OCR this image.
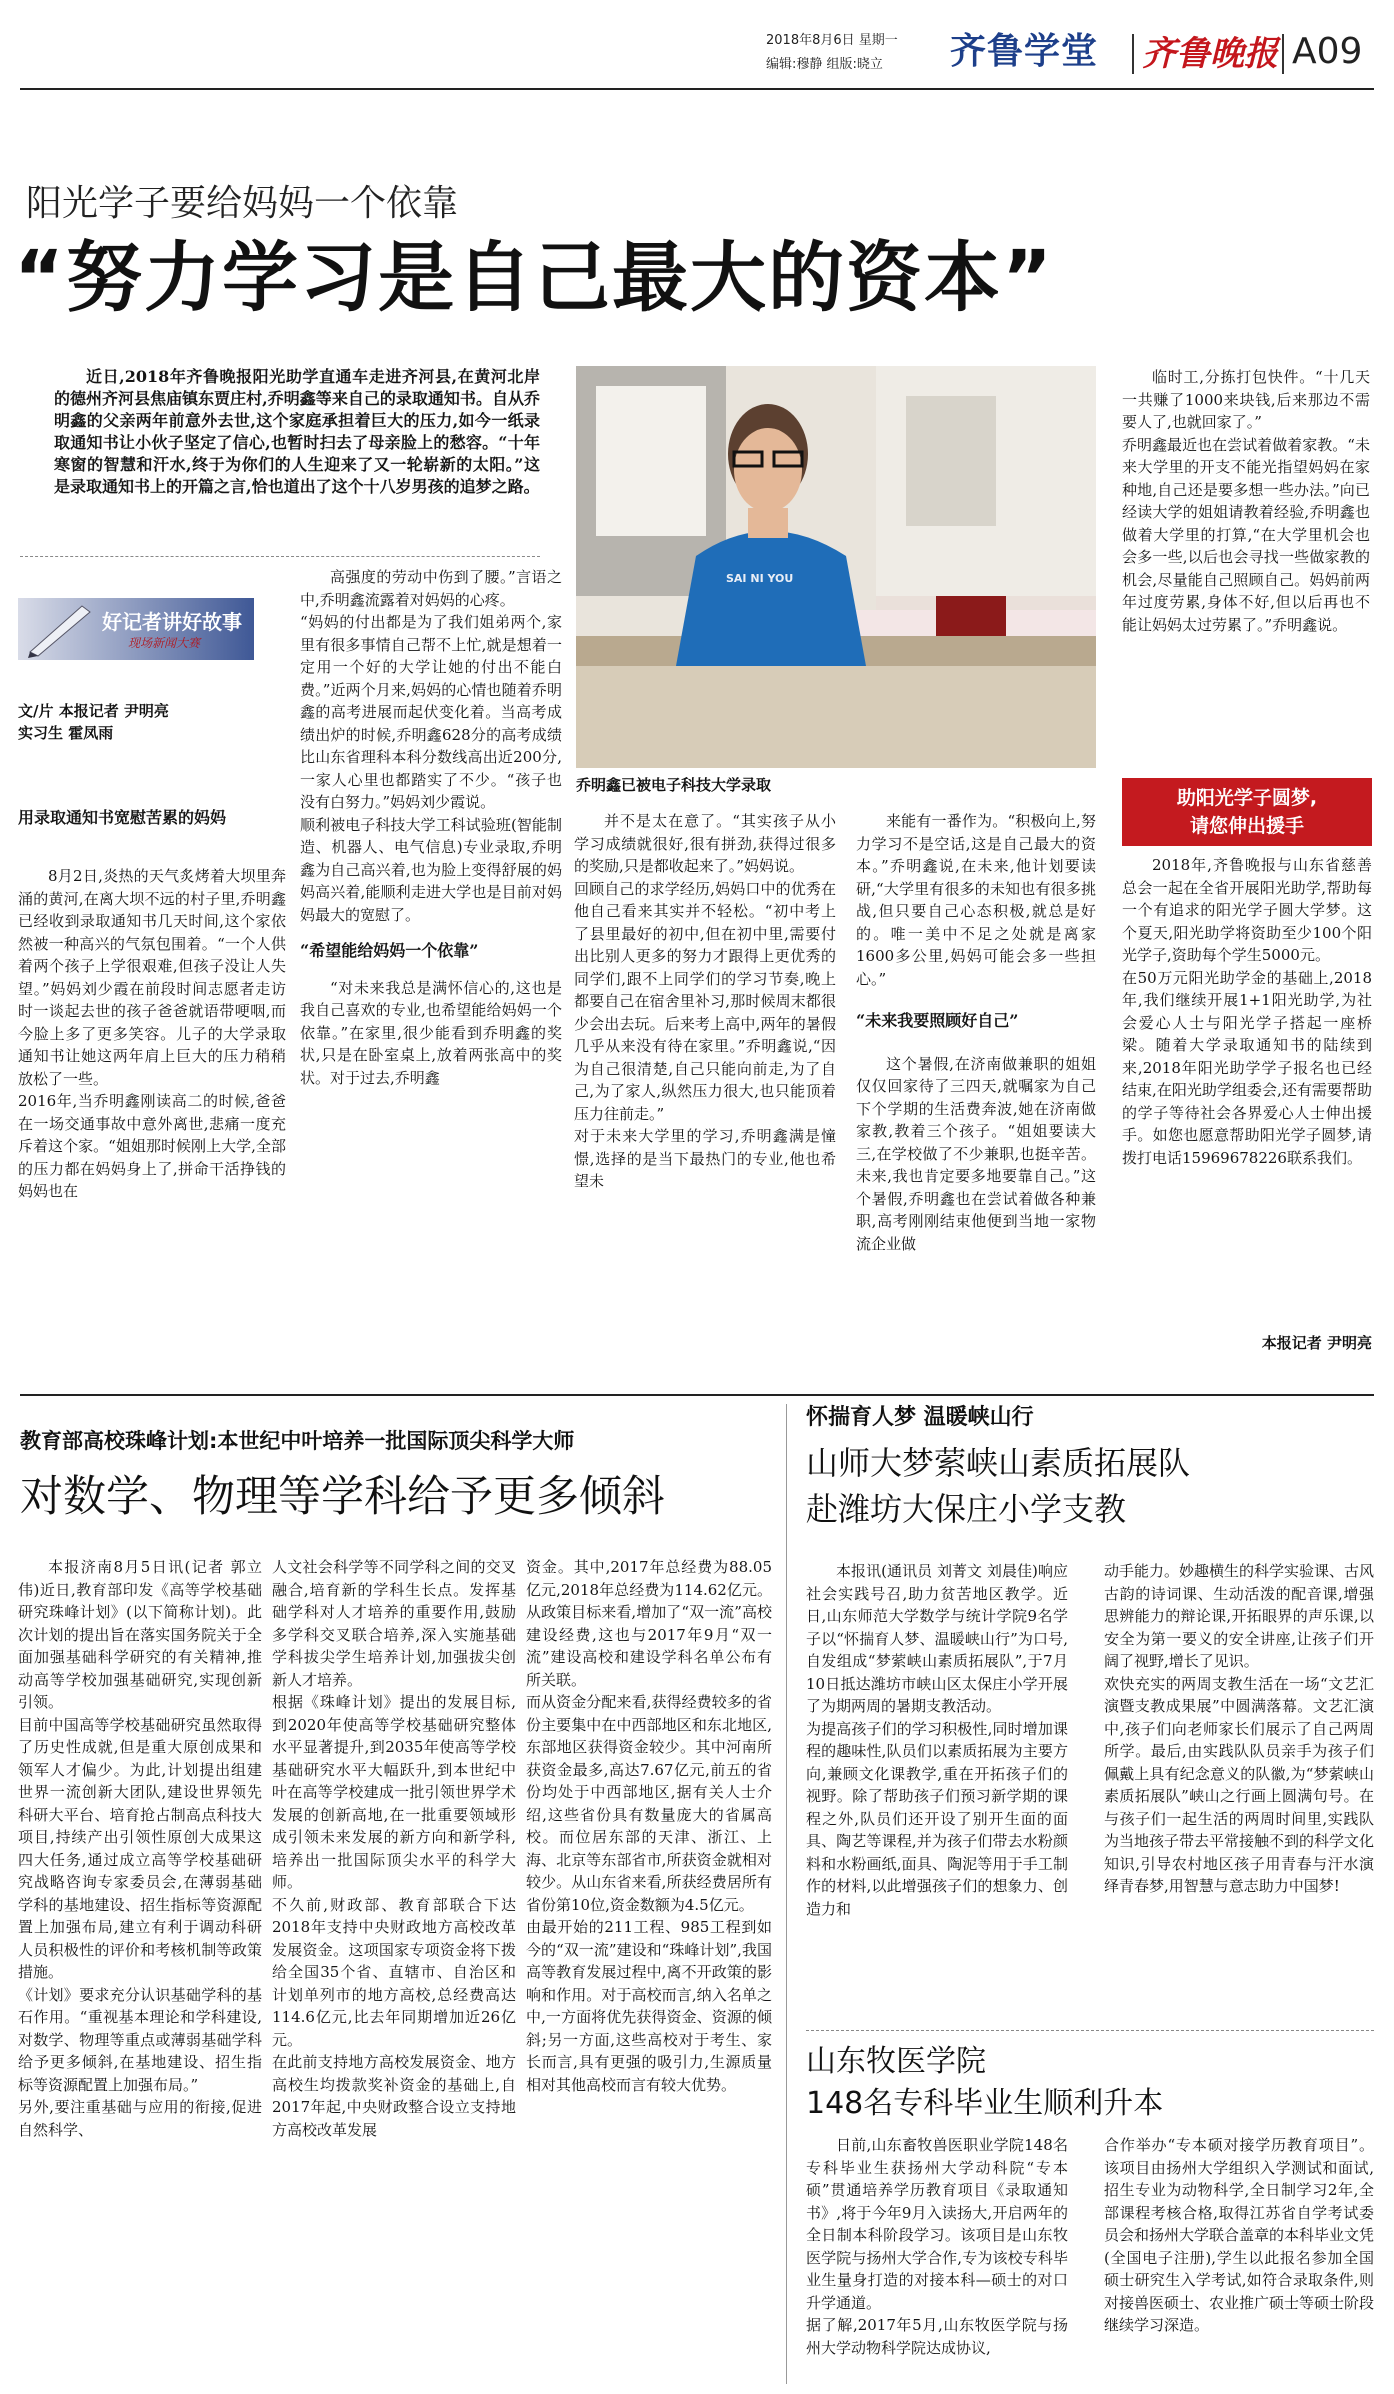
2018年8月6日 星期一
编辑:穆静 组版:晓立	齐鲁学堂 齐鲁晚报 A09
阳光学子要给妈妈一个依靠
“努力学习是自己最大的资本”

近日,2018年齐鲁晚报阳光助学直通车走进齐河县,在黄河北岸的德州齐河县焦庙镇东贾庄村,乔明鑫等来自己的录取通知书。自从乔明鑫的父亲两年前意外去世,这个家庭承担着巨大的压力,如今一纸录取通知书让小伙子坚定了信心,也暂时扫去了母亲脸上的愁容。“十年寒窗的智慧和汗水,终于为你们的人生迎来了又一轮崭新的太阳。”这是录取通知书上的开篇之言,恰也道出了这个十八岁男孩的追梦之路。

好记者讲好故事
现场新闻大赛
文/片 本报记者 尹明亮
实习生 霍凤雨
用录取通知书宽慰苦累的妈妈

8月2日,炎热的天气炙烤着大坝里奔涌的黄河,在离大坝不远的村子里,乔明鑫已经收到录取通知书几天时间,这个家依然被一种高兴的气氛包围着。“一个人供着两个孩子上学很艰难,但孩子没让人失望。”妈妈刘少霞在前段时间志愿者走访时一谈起去世的孩子爸爸就语带哽咽,而今脸上多了更多笑容。儿子的大学录取通知书让她这两年肩上巨大的压力稍稍放松了一些。
2016年,当乔明鑫刚读高二的时候,爸爸在一场交通事故中意外离世,悲痛一度充斥着这个家。“姐姐那时候刚上大学,全部的压力都在妈妈身上了,拼命干活挣钱的妈妈也在

高强度的劳动中伤到了腰。”言语之中,乔明鑫流露着对妈妈的心疼。
“妈妈的付出都是为了我们姐弟两个,家里有很多事情自己帮不上忙,就是想着一定用一个好的大学让她的付出不能白费。”近两个月来,妈妈的心情也随着乔明鑫的高考进展而起伏变化着。当高考成绩出炉的时候,乔明鑫628分的高考成绩比山东省理科本科分数线高出近200分,一家人心里也都踏实了不少。“孩子也没有白努力。”妈妈刘少霞说。
顺利被电子科技大学工科试验班(智能制造、机器人、电气信息)专业录取,乔明鑫为自己高兴着,也为脸上变得舒展的妈妈高兴着,能顺利走进大学也是目前对妈妈最大的宽慰了。

“希望能给妈妈一个依靠”

“对未来我总是满怀信心的,这也是我自己喜欢的专业,也希望能给妈妈一个依靠。”在家里,很少能看到乔明鑫的奖状,只是在卧室桌上,放着两张高中的奖状。对于过去,乔明鑫

SAI NI YOU
乔明鑫已被电子科技大学录取

并不是太在意了。“其实孩子从小学习成绩就很好,很有拼劲,获得过很多的奖励,只是都收起来了。”妈妈说。
回顾自己的求学经历,妈妈口中的优秀在他自己看来其实并不轻松。“初中考上了县里最好的初中,但在初中里,需要付出比别人更多的努力才跟得上更优秀的同学们,跟不上同学们的学习节奏,晚上都要自己在宿舍里补习,那时候周末都很少会出去玩。后来考上高中,两年的暑假几乎从来没有待在家里。”乔明鑫说,“因为自己很清楚,自己只能向前走,为了自己,为了家人,纵然压力很大,也只能顶着压力往前走。”
对于未来大学里的学习,乔明鑫满是憧憬,选择的是当下最热门的专业,他也希望未

来能有一番作为。“积极向上,努力学习不是空话,这是自己最大的资本。”乔明鑫说,在未来,他计划要读研,“大学里有很多的未知也有很多挑战,但只要自己心态积极,就总是好的。唯一美中不足之处就是离家1600多公里,妈妈可能会多一些担心。”

“未来我要照顾好自己”

这个暑假,在济南做兼职的姐姐仅仅回家待了三四天,就嘱家为自己下个学期的生活费奔波,她在济南做家教,教着三个孩子。“姐姐要读大三,在学校做了不少兼职,也挺辛苦。未来,我也肯定要多地要靠自己。”这个暑假,乔明鑫也在尝试着做各种兼职,高考刚刚结束他便到当地一家物流企业做

临时工,分拣打包快件。“十几天一共赚了1000来块钱,后来那边不需要人了,也就回家了。”
乔明鑫最近也在尝试着做着家教。“未来大学里的开支不能光指望妈妈在家种地,自己还是要多想一些办法。”向已经读大学的姐姐请教着经验,乔明鑫也做着大学里的打算,“在大学里机会也会多一些,以后也会寻找一些做家教的机会,尽量能自己照顾自己。妈妈前两年过度劳累,身体不好,但以后再也不能让妈妈太过劳累了。”乔明鑫说。

助阳光学子圆梦,
请您伸出援手

2018年,齐鲁晚报与山东省慈善总会一起在全省开展阳光助学,帮助每一个有追求的阳光学子圆大学梦。这个夏天,阳光助学将资助至少100个阳光学子,资助每个学生5000元。
在50万元阳光助学金的基础上,2018年,我们继续开展1+1阳光助学,为社会爱心人士与阳光学子搭起一座桥梁。随着大学录取通知书的陆续到来,2018年阳光助学学子报名也已经结束,在阳光助学组委会,还有需要帮助的学子等待社会各界爱心人士伸出援手。如您也愿意帮助阳光学子圆梦,请拨打电话15969678226联系我们。

本报记者 尹明亮
教育部高校珠峰计划:本世纪中叶培养一批国际顶尖科学大师
对数学、物理等学科给予更多倾斜

本报济南8月5日讯(记者 郭立伟)近日,教育部印发《高等学校基础研究珠峰计划》(以下简称计划)。此次计划的提出旨在落实国务院关于全面加强基础科学研究的有关精神,推动高等学校加强基础研究,实现创新引领。
目前中国高等学校基础研究虽然取得了历史性成就,但是重大原创成果和领军人才偏少。为此,计划提出组建世界一流创新大团队,建设世界领先科研大平台、培育抢占制高点科技大项目,持续产出引领性原创大成果这四大任务,通过成立高等学校基础研究战略咨询专家委员会,在薄弱基础学科的基地建设、招生指标等资源配置上加强布局,建立有利于调动科研人员积极性的评价和考核机制等政策措施。
《计划》要求充分认识基础学科的基石作用。“重视基本理论和学科建设,对数学、物理等重点或薄弱基础学科给予更多倾斜,在基地建设、招生指标等资源配置上加强布局。”
另外,要注重基础与应用的衔接,促进自然科学、

人文社会科学等不同学科之间的交叉融合,培育新的学科生长点。发挥基础学科对人才培养的重要作用,鼓励多学科交叉联合培养,深入实施基础学科拔尖学生培养计划,加强拔尖创新人才培养。
根据《珠峰计划》提出的发展目标,到2020年使高等学校基础研究整体水平显著提升,到2035年使高等学校基础研究水平大幅跃升,到本世纪中叶在高等学校建成一批引领世界学术发展的创新高地,在一批重要领域形成引领未来发展的新方向和新学科,培养出一批国际顶尖水平的科学大师。
不久前,财政部、教育部联合下达2018年支持中央财政地方高校改革发展资金。这项国家专项资金将下拨给全国35个省、直辖市、自治区和计划单列市的地方高校,总经费高达114.6亿元,比去年同期增加近26亿元。
在此前支持地方高校发展资金、地方高校生均拨款奖补资金的基础上,自2017年起,中央财政整合设立支持地方高校改革发展

资金。其中,2017年总经费为88.05亿元,2018年总经费为114.62亿元。从政策目标来看,增加了“双一流”高校建设经费,这也与2017年9月“双一流”建设高校和建设学科名单公布有所关联。
而从资金分配来看,获得经费较多的省份主要集中在中西部地区和东北地区,东部地区获得资金较少。其中河南所获资金最多,高达7.67亿元,前五的省份均处于中西部地区,据有关人士介绍,这些省份具有数量庞大的省属高校。而位居东部的天津、浙江、上海、北京等东部省市,所获资金就相对较少。从山东省来看,所获经费居所有省份第10位,资金数额为4.5亿元。
由最开始的211工程、985工程到如今的“双一流”建设和“珠峰计划”,我国高等教育发展过程中,离不开政策的影响和作用。对于高校而言,纳入名单之中,一方面将优先获得资金、资源的倾斜;另一方面,这些高校对于考生、家长而言,具有更强的吸引力,生源质量相对其他高校而言有较大优势。

怀揣育人梦 温暖峡山行
山师大梦萦峡山素质拓展队
赴潍坊大保庄小学支教

本报讯(通讯员 刘菁文 刘晨佳)响应社会实践号召,助力贫苦地区教学。近日,山东师范大学数学与统计学院9名学子以“怀揣育人梦、温暖峡山行”为口号,自发组成“梦萦峡山素质拓展队”,于7月10日抵达潍坊市峡山区太保庄小学开展了为期两周的暑期支教活动。
为提高孩子们的学习积极性,同时增加课程的趣味性,队员们以素质拓展为主要方向,兼顾文化课教学,重在开拓孩子们的视野。除了帮助孩子们预习新学期的课程之外,队员们还开设了别开生面的面具、陶艺等课程,并为孩子们带去水粉颜料和水粉画纸,面具、陶泥等用于手工制作的材料,以此增强孩子们的想象力、创造力和

动手能力。妙趣横生的科学实验课、古风古韵的诗词课、生动活泼的配音课,增强思辨能力的辩论课,开拓眼界的声乐课,以安全为第一要义的安全讲座,让孩子们开阔了视野,增长了见识。
欢快充实的两周支教生活在一场“文艺汇演暨支教成果展”中圆满落幕。文艺汇演中,孩子们向老师家长们展示了自己两周所学。最后,由实践队队员亲手为孩子们佩戴上具有纪念意义的队徽,为“梦萦峡山素质拓展队”峡山之行画上圆满句号。在与孩子们一起生活的两周时间里,实践队为当地孩子带去平常接触不到的科学文化知识,引导农村地区孩子用青春与汗水演绎青春梦,用智慧与意志助力中国梦!

山东牧医学院
148名专科毕业生顺利升本

日前,山东畜牧兽医职业学院148名专科毕业生获扬州大学动科院“专本硕”贯通培养学历教育项目《录取通知书》,将于今年9月入读扬大,开启两年的全日制本科阶段学习。该项目是山东牧医学院与扬州大学合作,专为该校专科毕业生量身打造的对接本科—硕士的对口升学通道。
据了解,2017年5月,山东牧医学院与扬州大学动物科学院达成协议,

合作举办“专本硕对接学历教育项目”。该项目由扬州大学组织入学测试和面试,招生专业为动物科学,全日制学习2年,全部课程考核合格,取得江苏省自学考试委员会和扬州大学联合盖章的本科毕业文凭(全国电子注册),学生以此报名参加全国硕士研究生入学考试,如符合录取条件,则对接兽医硕士、农业推广硕士等硕士阶段继续学习深造。
